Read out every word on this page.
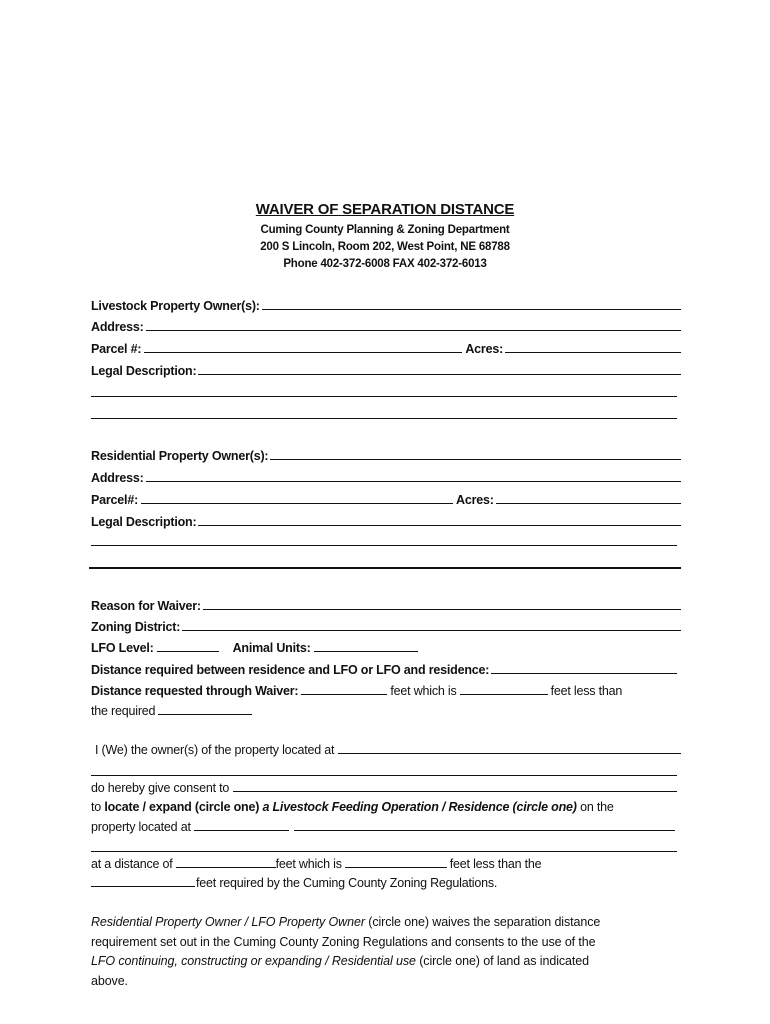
WAIVER OF SEPARATION DISTANCE
Cuming County Planning & Zoning Department
200 S Lincoln, Room 202, West Point, NE 68788
Phone 402-372-6008 FAX 402-372-6013
Livestock Property Owner(s):
Address:
Parcel #:	Acres:
Legal Description:
Residential Property Owner(s):
Address:
Parcel#:	Acres:
Legal Description:
Reason for Waiver:
Zoning District:
LFO Level:	Animal Units:
Distance required between residence and LFO or LFO and residence:
Distance requested through Waiver:	feet which is	feet less than
the required
I (We) the owner(s) of the property located at
do hereby give consent to
to
locate / expand (circle one)
a Livestock Feeding Operation / Residence (circle one)
on the
property located at
at a distance of	feet which is	feet less than the
feet required by the Cuming County Zoning Regulations.
Residential Property Owner / LFO Property Owner (circle one) waives the separation distance
requirement set out in the Cuming County Zoning Regulations and consents to the use of the
LFO continuing, constructing or expanding / Residential use (circle one) of land as indicated
above.
